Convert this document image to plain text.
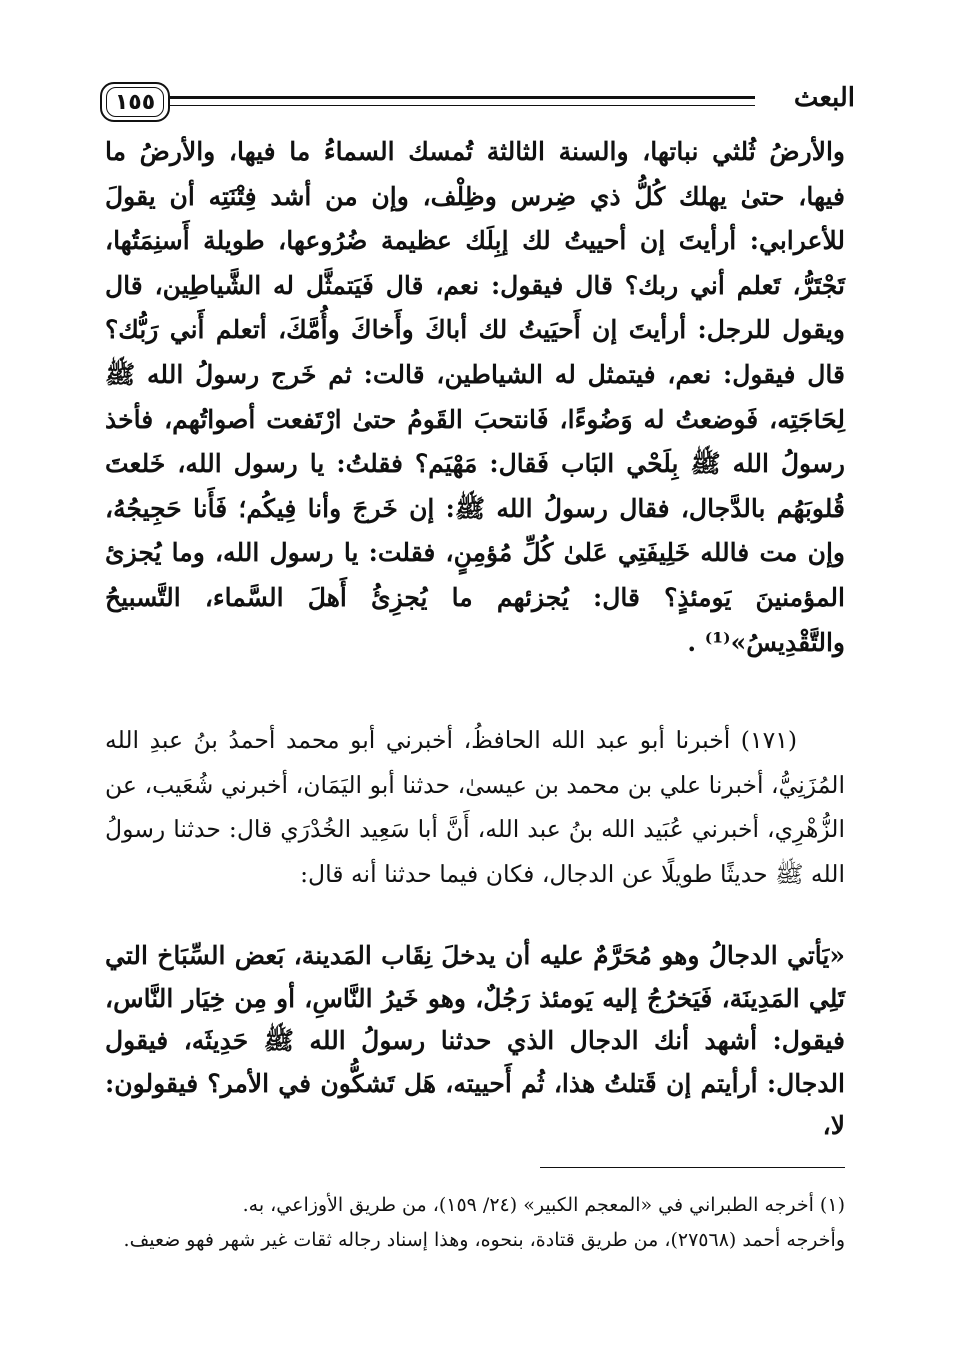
١٥٥	البعث

والأرضُ ثُلثي نباتها، والسنة الثالثة تُمسك السماءُ ما فيها، والأرضُ ما فيها، حتىٰ يهلك كُلُّ ذي ضِرس وظِلْف، وإن من أشد فِتْنَتِه أن يقولَ للأعرابي: أرأيتَ إن أحييتُ لك إبِلَك عظيمة ضُرُوعها، طويلة أَسنِمَتُها، تَجْتَرُّ، تَعلم أني ربك؟ قال فيقول: نعم، قال فَيَتمثَّل له الشَّياطِين، قال ويقول للرجل: أرأيتَ إن أَحيَيتُ لك أباكَ وأَخاكَ وأُمَّكَ، أتعلم أَني رَبُّك؟ قال فيقول: نعم، فيتمثل له الشياطين، قالت: ثم خَرج رسولُ الله ﷺ لِحَاجَتِه، فَوضعتُ له وَضُوءًا، فَانتحبَ القَومُ حتىٰ ارْتَفعت أصواتُهم، فأخذ رسولُ الله ﷺ بِلَحْي البَاب فَقال: مَهْيَم؟ فقلتُ: يا رسول الله، خَلعتَ قُلوبَهُم بالدَّجال، فقال رسولُ الله ﷺ: إن خَرجَ وأنا فِيكُم؛ فَأَنا حَجِيجُهُ، وإن مت فالله خَلِيفَتِي عَلىٰ كُلِّ مُؤمِنٍ، فقلت: يا رسول الله، وما يُجزئ المؤمنينَ يَومئذٍ؟ قال: يُجزئهم ما يُجزِئُ أَهلَ السَّماء، التَّسبيحُ والتَّقْدِيسُ»⁽¹⁾ .

(١٧١) أخبرنا أبو عبد الله الحافظُ، أخبرني أبو محمد أحمدُ بنُ عبدِ الله المُزَنِيُّ، أخبرنا علي بن محمد بن عيسىٰ، حدثنا أبو اليَمَان، أخبرني شُعَيب، عن الزُّهْرِي، أخبرني عُبَيد الله بنُ عبد الله، أَنَّ أبا سَعِيد الخُدْرَي قال: حدثنا رسولُ الله ﷺ حديثًا طويلًا عن الدجال، فكان فيما حدثنا أنه قال:

«يَأتي الدجالُ وهو مُحَرَّمٌ عليه أن يدخلَ نِقَاب المَدينة، بَعض السِّبَاخ التي تَلِي المَدِينَة، فَيَخرُجُ إليه يَومئذ رَجُلٌ، وهو خَيرُ النَّاسِ، أو مِن خِيَار النَّاس، فيقول: أشهد أنك الدجال الذي حدثنا رسولُ الله ﷺ حَدِيثَه، فيقول الدجال: أرأيتم إن قَتلتُ هذا، ثُم أَحييته، هَل تَشكُّون في الأمر؟ فيقولون: لا،

(١) أخرجه الطبراني في «المعجم الكبير» (٢٤/ ١٥٩)، من طريق الأوزاعي، به.

وأخرجه أحمد (٢٧٥٦٨)، من طريق قتادة، بنحوه، وهذا إسناد رجاله ثقات غير شهر فهو ضعيف.
